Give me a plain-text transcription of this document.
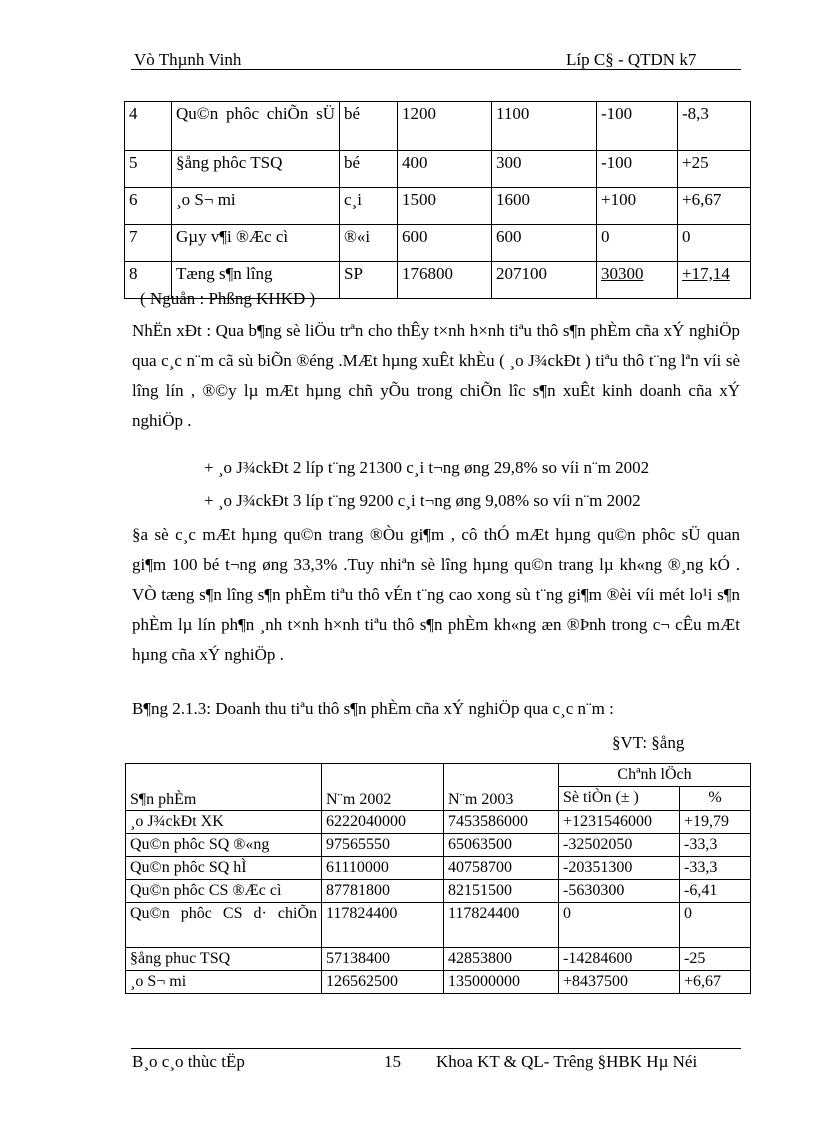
Vò Thµnh Vinh	Líp C§ - QTDN k7
4	Qu©n phôc chiÕn sÜ	bé	1200	1100	-100	-8,3
5	§ång phôc TSQ	bé	400	300	-100	+25
6	¸o S¬ mi	c¸i	1500	1600	+100	+6,67
7	Gµy v¶i ®Æc cì	®«i	600	600	0	0
8	Tæng s¶n lîng	SP	176800	207100	30300	+17,14
( Nguån : Phßng KHKD )
NhËn xÐt : Qua b¶ng sè liÖu trªn cho thÊy t×nh h×nh tiªu thô s¶n phÈm cña xÝ nghiÖp qua c¸c n¨m cã sù biÕn ®éng .MÆt hµng xuÊt khÈu ( ¸o J¾ckÐt ) tiªu thô t¨ng lªn víi sè lîng lín , ®©y lµ mÆt hµng chñ yÕu trong chiÕn lîc s¶n xuÊt kinh doanh cña xÝ nghiÖp .
+ ¸o J¾ckÐt 2 líp t¨ng 21300 c¸i t¬ng øng 29,8% so víi n¨m 2002
+ ¸o J¾ckÐt 3 líp t¨ng 9200 c¸i t¬ng øng 9,08% so víi n¨m 2002
§a sè c¸c mÆt hµng qu©n trang ®Òu gi¶m , cô thÓ mÆt hµng qu©n phôc sÜ quan gi¶m 100 bé t¬ng øng 33,3% .Tuy nhiªn sè lîng hµng qu©n trang lµ kh«ng ®¸ng kÓ . VÒ tæng s¶n lîng s¶n phÈm tiªu thô vÉn t¨ng cao xong sù t¨ng gi¶m ®èi víi mét lo¹i s¶n phÈm lµ lín ph¶n ¸nh t×nh h×nh tiªu thô s¶n phÈm kh«ng æn ®Þnh trong c¬ cÊu mÆt hµng cña xÝ nghiÖp .
B¶ng 2.1.3: Doanh thu tiªu thô s¶n phÈm cña xÝ nghiÖp qua c¸c n¨m :
§VT: §ång
S¶n phÈm	N¨m 2002	N¨m 2003	Chªnh lÖch	
			Sè tiÒn (± )	%
¸o J¾ckÐt XK	6222040000	7453586000	+1231546000	+19,79
Qu©n phôc SQ ®«ng	97565550	65063500	-32502050	-33,3
Qu©n phôc SQ hÌ	61110000	40758700	-20351300	-33,3
Qu©n phôc CS ®Æc cì	87781800	82151500	-5630300	-6,41
Qu©n phôc CS d· chiÕn	117824400	117824400	0	0
§ång phuc TSQ	57138400	42853800	-14284600	-25
¸o S¬ mi	126562500	135000000	+8437500	+6,67
B¸o c¸o thùc tËp	15 Khoa KT & QL- Trêng §HBK Hµ Néi
